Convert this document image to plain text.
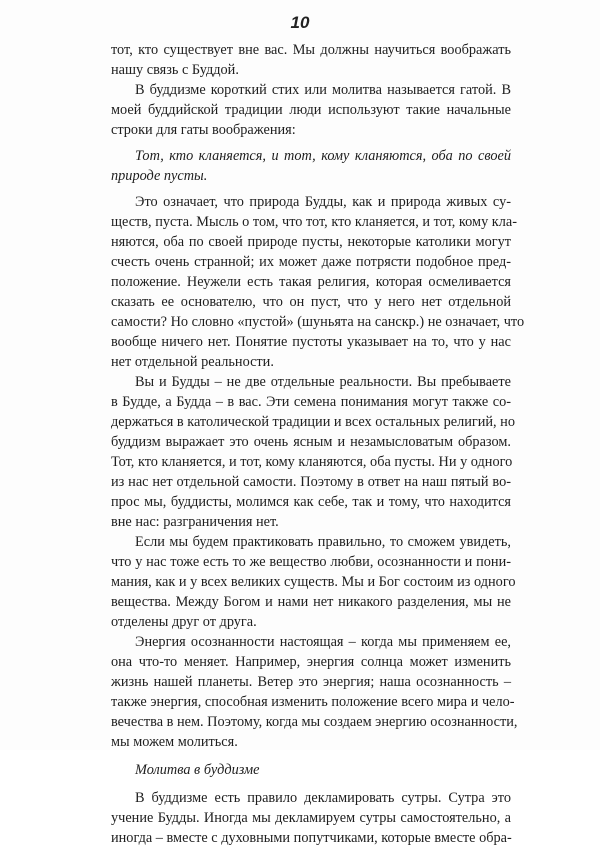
10
тот, кто существует вне вас. Мы должны научиться воображать
нашу связь с Буддой.
В буддизме короткий стих или молитва называется гатой. В
моей буддийской традиции люди используют такие начальные
строки для гаты воображения:
Тот, кто кланяется, и тот, кому кланяются, оба по своей
природе пусты.
Это означает, что природа Будды, как и природа живых су-
ществ, пуста. Мысль о том, что тот, кто кланяется, и тот, кому кла-
няются, оба по своей природе пусты, некоторые католики могут
счесть очень странной; их может даже потрясти подобное пред-
положение. Неужели есть такая религия, которая осмеливается
сказать ее основателю, что он пуст, что у него нет отдельной
самости? Но словно «пустой» (шуньята на санскр.) не означает, что
вообще ничего нет. Понятие пустоты указывает на то, что у нас
нет отдельной реальности.
Вы и Будды – не две отдельные реальности. Вы пребываете
в Будде, а Будда – в вас. Эти семена понимания могут также со-
держаться в католической традиции и всех остальных религий, но
буддизм выражает это очень ясным и незамысловатым образом.
Тот, кто кланяется, и тот, кому кланяются, оба пусты. Ни у одного
из нас нет отдельной самости. Поэтому в ответ на наш пятый во-
прос мы, буддисты, молимся как себе, так и тому, что находится
вне нас: разграничения нет.
Если мы будем практиковать правильно, то сможем увидеть,
что у нас тоже есть то же вещество любви, осознанности и пони-
мания, как и у всех великих существ. Мы и Бог состоим из одного
вещества. Между Богом и нами нет никакого разделения, мы не
отделены друг от друга.
Энергия осознанности настоящая – когда мы применяем ее,
она что-то меняет. Например, энергия солнца может изменить
жизнь нашей планеты. Ветер это энергия; наша осознанность –
также энергия, способная изменить положение всего мира и чело-
вечества в нем. Поэтому, когда мы создаем энергию осознанности,
мы можем молиться.
Молитва в буддизме
В буддизме есть правило декламировать сутры. Сутра это
учение Будды. Иногда мы декламируем сутры самостоятельно, а
иногда – вместе с духовными попутчиками, которые вместе обра-
